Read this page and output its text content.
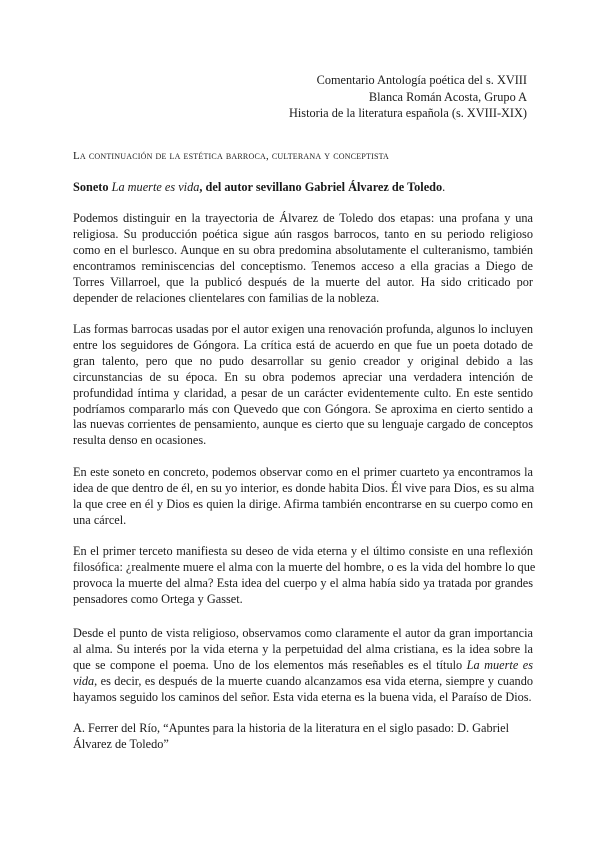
Comentario Antología poética del s. XVIII
Blanca Román Acosta, Grupo A
Historia de la literatura española (s. XVIII-XIX)
La continuación de la estética barroca, culterana y conceptista
Soneto La muerte es vida, del autor sevillano Gabriel Álvarez de Toledo.
Podemos distinguir en la trayectoria de Álvarez de Toledo dos etapas: una profana y una
religiosa. Su producción poética sigue aún rasgos barrocos, tanto en su periodo religioso
como en el burlesco. Aunque en su obra predomina absolutamente el culteranismo, también
encontramos reminiscencias del conceptismo. Tenemos acceso a ella gracias a Diego de
Torres Villarroel, que la publicó después de la muerte del autor. Ha sido criticado por
depender de relaciones clientelares con familias de la nobleza.
Las formas barrocas usadas por el autor exigen una renovación profunda, algunos lo incluyen
entre los seguidores de Góngora. La crítica está de acuerdo en que fue un poeta dotado de
gran talento, pero que no pudo desarrollar su genio creador y original debido a las
circunstancias de su época. En su obra podemos apreciar una verdadera intención de
profundidad íntima y claridad, a pesar de un carácter evidentemente culto. En este sentido
podríamos compararlo más con Quevedo que con Góngora. Se aproxima en cierto sentido a
las nuevas corrientes de pensamiento, aunque es cierto que su lenguaje cargado de conceptos
resulta denso en ocasiones.
En este soneto en concreto, podemos observar como en el primer cuarteto ya encontramos la
idea de que dentro de él, en su yo interior, es donde habita Dios. Él vive para Dios, es su alma
la que cree en él y Dios es quien la dirige. Afirma también encontrarse en su cuerpo como en
una cárcel.
En el primer terceto manifiesta su deseo de vida eterna y el último consiste en una reflexión
filosófica: ¿realmente muere el alma con la muerte del hombre, o es la vida del hombre lo que
provoca la muerte del alma? Esta idea del cuerpo y el alma había sido ya tratada por grandes
pensadores como Ortega y Gasset.
Desde el punto de vista religioso, observamos como claramente el autor da gran importancia
al alma. Su interés por la vida eterna y la perpetuidad del alma cristiana, es la idea sobre la
que se compone el poema. Uno de los elementos más reseñables es el título La muerte es
vida, es decir, es después de la muerte cuando alcanzamos esa vida eterna, siempre y cuando
hayamos seguido los caminos del señor. Esta vida eterna es la buena vida, el Paraíso de Dios.
A. Ferrer del Río, “Apuntes para la historia de la literatura en el siglo pasado: D. Gabriel
Álvarez de Toledo”
